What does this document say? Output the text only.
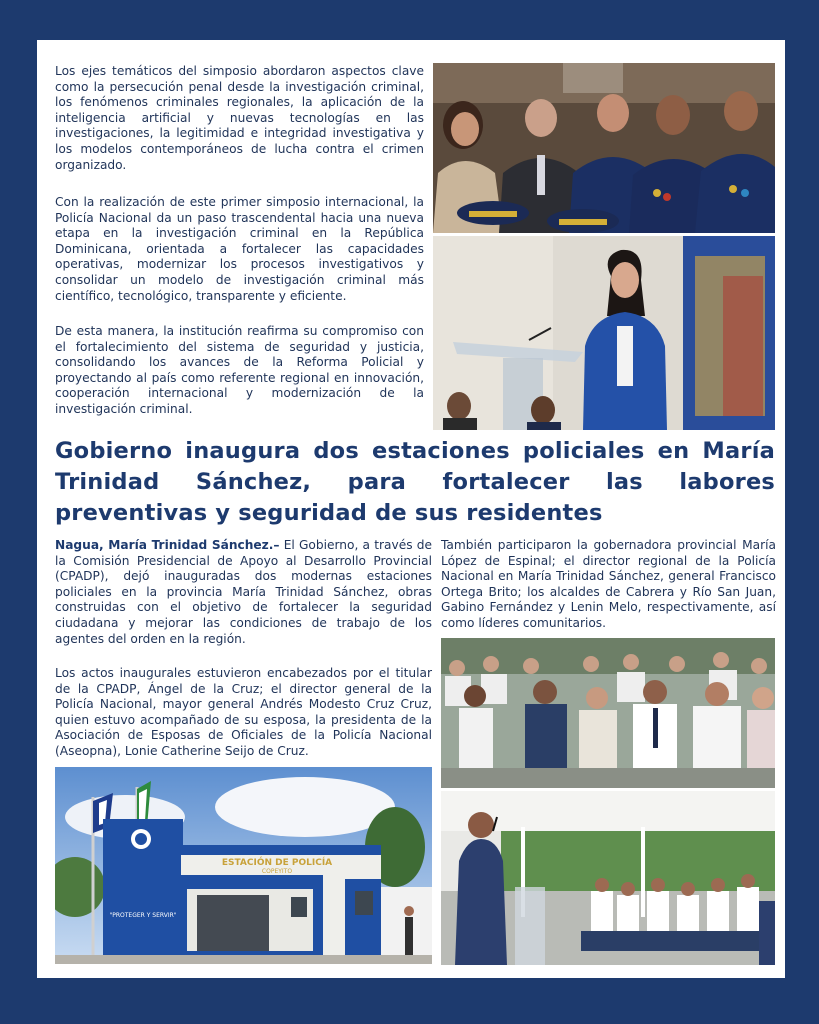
Los ejes temáticos del simposio abordaron aspectos clave como la persecución penal desde la investigación criminal, los fenómenos criminales regionales, la aplicación de la inteligencia artificial y nuevas tecnologías en las investigaciones, la legitimidad e integridad investigativa y los modelos contemporáneos de lucha contra el crimen organizado.

Con la realización de este primer simposio internacional, la Policía Nacional da un paso trascendental hacia una nueva etapa en la investigación criminal en la República Dominicana, orientada a fortalecer las capacidades operativas, modernizar los procesos investigativos y consolidar un modelo de investigación criminal más científico, tecnológico, transparente y eficiente.

De esta manera, la institución reafirma su compromiso con el fortalecimiento del sistema de seguridad y justicia, consolidando los avances de la Reforma Policial y proyectando al país como referente regional en innovación, cooperación internacional y modernización de la investigación criminal.

Gobierno inaugura dos estaciones policiales en María Trinidad Sánchez, para fortalecer las labores preventivas y seguridad de sus residentes

Nagua, María Trinidad Sánchez.– El Gobierno, a través de la Comisión Presidencial de Apoyo al Desarrollo Provincial (CPADP), dejó inauguradas dos modernas estaciones policiales en la provincia María Trinidad Sánchez, obras construidas con el objetivo de fortalecer la seguridad ciudadana y mejorar las condiciones de trabajo de los agentes del orden en la región.

Los actos inaugurales estuvieron encabezados por el titular de la CPADP, Ángel de la Cruz; el director general de la Policía Nacional, mayor general Andrés Modesto Cruz Cruz, quien estuvo acompañado de su esposa, la presidenta de la Asociación de Esposas de Oficiales de la Policía Nacional (Aseopna), Lonie Catherine Seijo de Cruz.

También participaron la gobernadora provincial María López de Espinal; el director regional de la Policía Nacional en María Trinidad Sánchez, general Francisco Ortega Brito; los alcaldes de Cabrera y Río San Juan, Gabino Fernández y Lenin Melo, respectivamente, así como líderes comunitarios.

ESTACIÓN DE POLICÍA
COPEYITO
"PROTEGER Y SERVIR"
